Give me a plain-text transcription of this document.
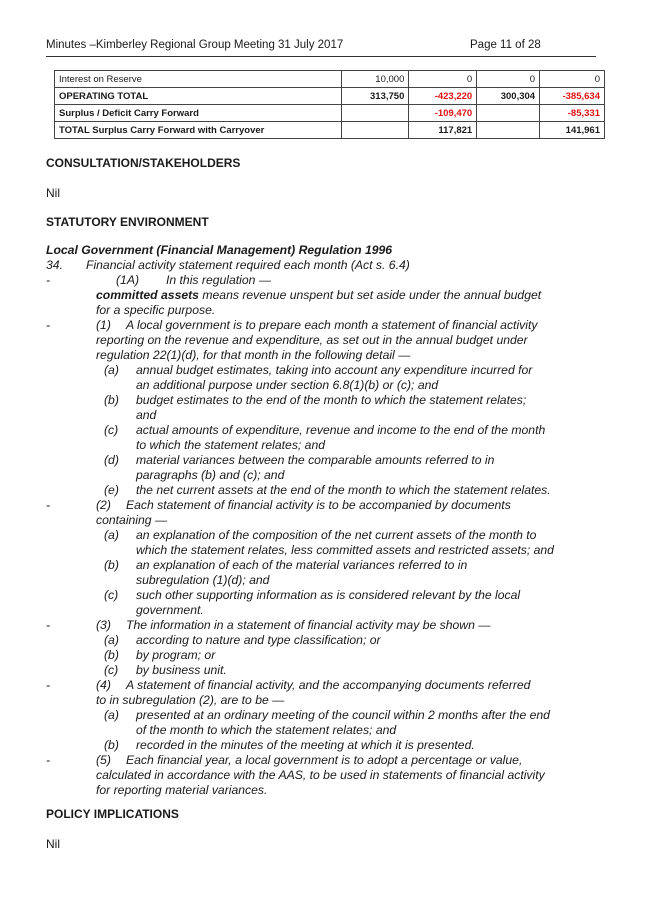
Minutes –Kimberley Regional Group Meeting 31 July 2017	Page 11 of 28
Interest on Reserve	10,000	0	0	0
OPERATING TOTAL	313,750	-423,220	300,304	-385,634
Surplus / Deficit Carry Forward		-109,470		-85,331
TOTAL Surplus Carry Forward with Carryover		117,821		141,961
CONSULTATION/STAKEHOLDERS
Nil
STATUTORY ENVIRONMENT
Local Government (Financial Management) Regulation 1996
34. Financial activity statement required each month (Act s. 6.4)
-	(1A) In this regulation —
committed assets means revenue unspent but set aside under the annual budget
for a specific purpose.
-	(1) A local government is to prepare each month a statement of financial activity
reporting on the revenue and expenditure, as set out in the annual budget under
regulation 22(1)(d), for that month in the following detail —
(a) annual budget estimates, taking into account any expenditure incurred for
an additional purpose under section 6.8(1)(b) or (c); and
(b) budget estimates to the end of the month to which the statement relates;
and
(c) actual amounts of expenditure, revenue and income to the end of the month
to which the statement relates; and
(d) material variances between the comparable amounts referred to in
paragraphs (b) and (c); and
(e) the net current assets at the end of the month to which the statement relates.
-	(2) Each statement of financial activity is to be accompanied by documents
containing —
(a) an explanation of the composition of the net current assets of the month to
which the statement relates, less committed assets and restricted assets; and
(b) an explanation of each of the material variances referred to in
subregulation (1)(d); and
(c) such other supporting information as is considered relevant by the local
government.
-	(3) The information in a statement of financial activity may be shown —
(a) according to nature and type classification; or
(b) by program; or
(c) by business unit.
-	(4) A statement of financial activity, and the accompanying documents referred
to in subregulation (2), are to be —
(a) presented at an ordinary meeting of the council within 2 months after the end
of the month to which the statement relates; and
(b) recorded in the minutes of the meeting at which it is presented.
-	(5) Each financial year, a local government is to adopt a percentage or value,
calculated in accordance with the AAS, to be used in statements of financial activity
for reporting material variances.
POLICY IMPLICATIONS
Nil
